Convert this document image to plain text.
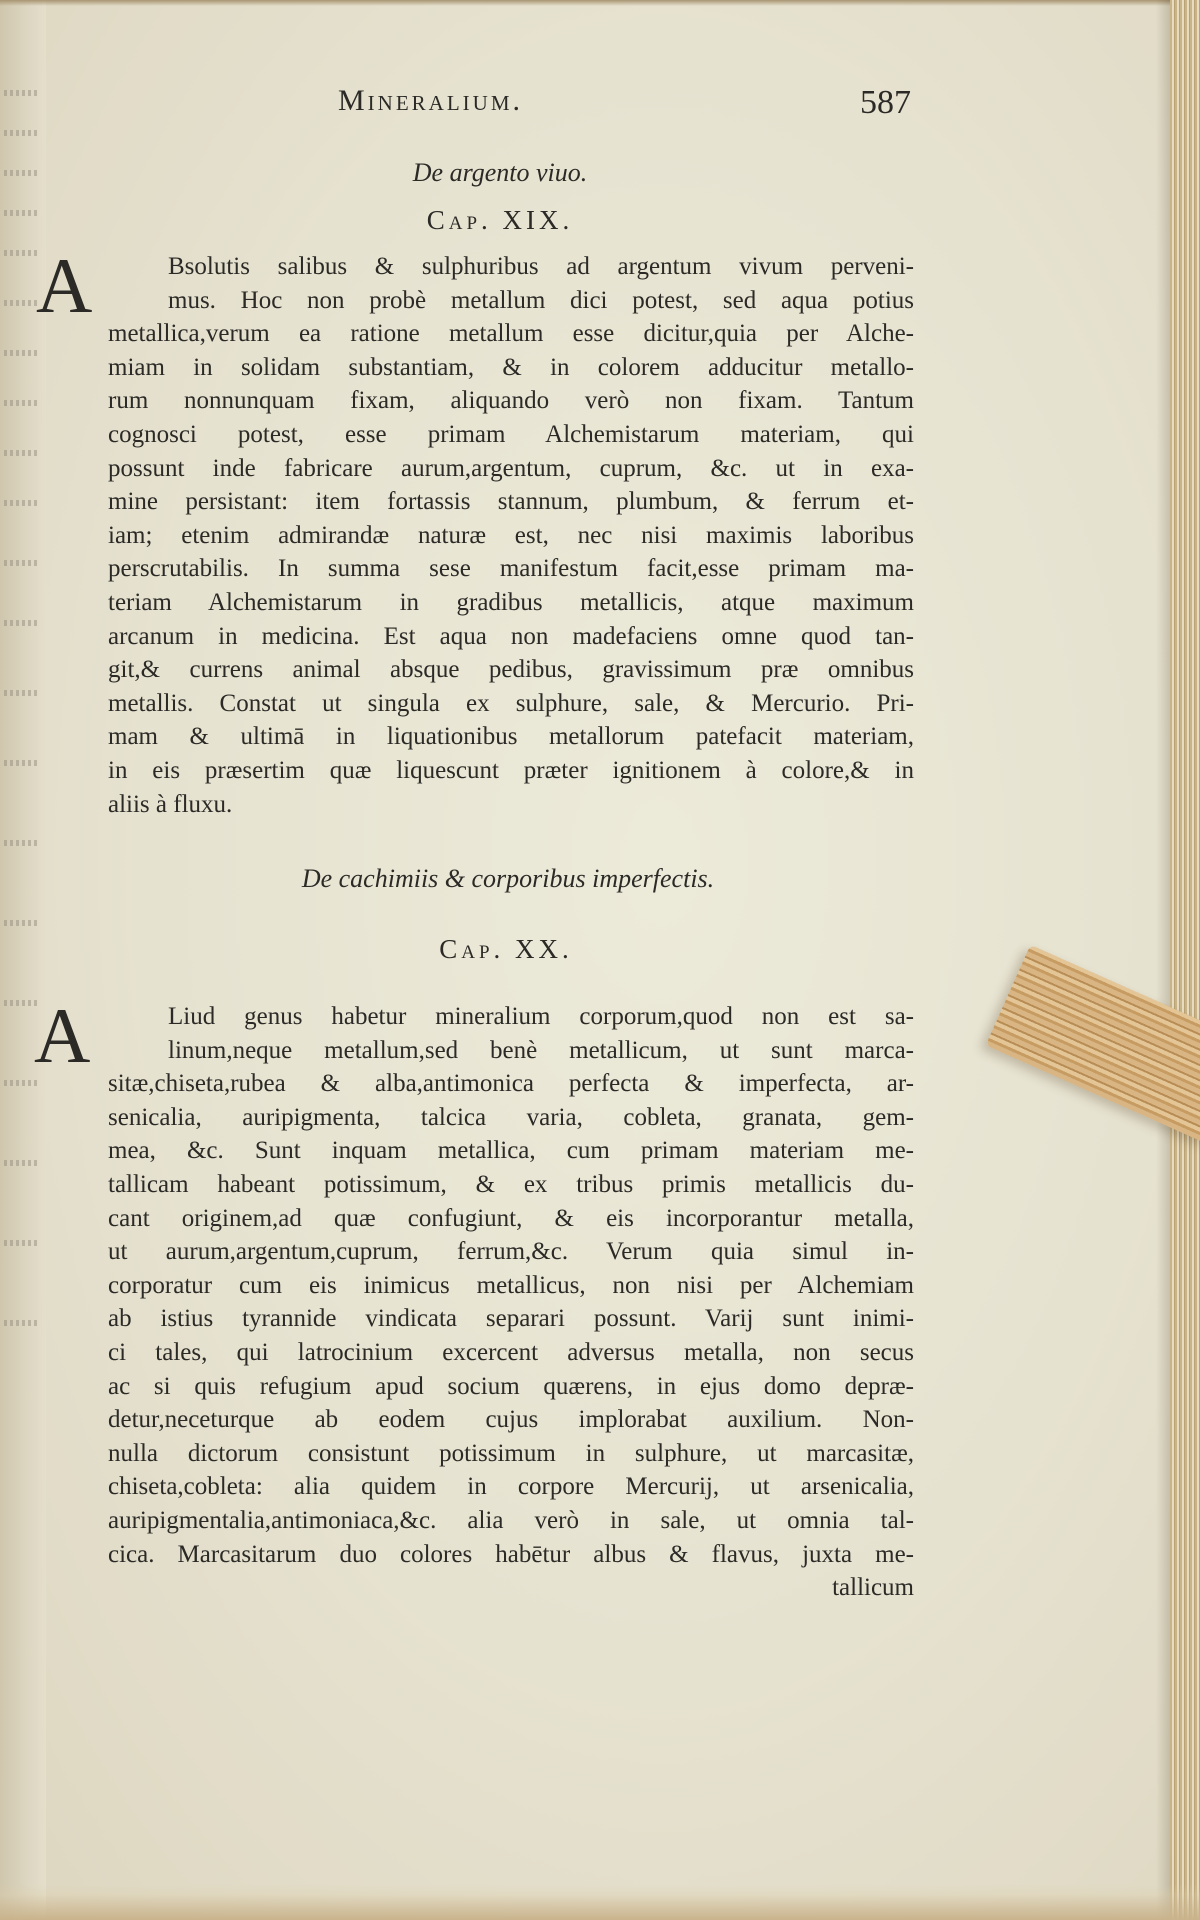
Mineralium.	587
De argento viuo.
Cap. XIX.
A	Bsolutis salibus & sulphuribus ad argentum vivum perveni-
mus. Hoc non probè metallum dici potest, sed aqua potius
metallica,verum ea ratione metallum esse dicitur,quia per Alche-
miam in solidam substantiam, & in colorem adducitur metallo-
rum nonnunquam fixam, aliquando verò non fixam. Tantum
cognosci potest, esse primam Alchemistarum materiam, qui
possunt inde fabricare aurum,argentum, cuprum, &c. ut in exa-
mine persistant: item fortassis stannum, plumbum, & ferrum et-
iam; etenim admirandæ naturæ est, nec nisi maximis laboribus
perscrutabilis. In summa sese manifestum facit,esse primam ma-
teriam Alchemistarum in gradibus metallicis, atque maximum
arcanum in medicina. Est aqua non madefaciens omne quod tan-
git,& currens animal absque pedibus, gravissimum præ omnibus
metallis. Constat ut singula ex sulphure, sale, & Mercurio. Pri-
mam & ultimā in liquationibus metallorum patefacit materiam,
in eis præsertim quæ liquescunt præter ignitionem à colore,& in
aliis à fluxu.
De cachimiis & corporibus imperfectis.
Cap. XX.
A	Liud genus habetur mineralium corporum,quod non est sa-
linum,neque metallum,sed benè metallicum, ut sunt marca-
sitæ,chiseta,rubea & alba,antimonica perfecta & imperfecta, ar-
senicalia, auripigmenta, talcica varia, cobleta, granata, gem-
mea, &c. Sunt inquam metallica, cum primam materiam me-
tallicam habeant potissimum, & ex tribus primis metallicis du-
cant originem,ad quæ confugiunt, & eis incorporantur metalla,
ut aurum,argentum,cuprum, ferrum,&c. Verum quia simul in-
corporatur cum eis inimicus metallicus, non nisi per Alchemiam
ab istius tyrannide vindicata separari possunt. Varij sunt inimi-
ci tales, qui latrocinium excercent adversus metalla, non secus
ac si quis refugium apud socium quærens, in ejus domo depræ-
detur,neceturque ab eodem cujus implorabat auxilium. Non-
nulla dictorum consistunt potissimum in sulphure, ut marcasitæ,
chiseta,cobleta: alia quidem in corpore Mercurij, ut arsenicalia,
auripigmentalia,antimoniaca,&c. alia verò in sale, ut omnia tal-
cica. Marcasitarum duo colores habētur albus & flavus, juxta me-
tallicum
